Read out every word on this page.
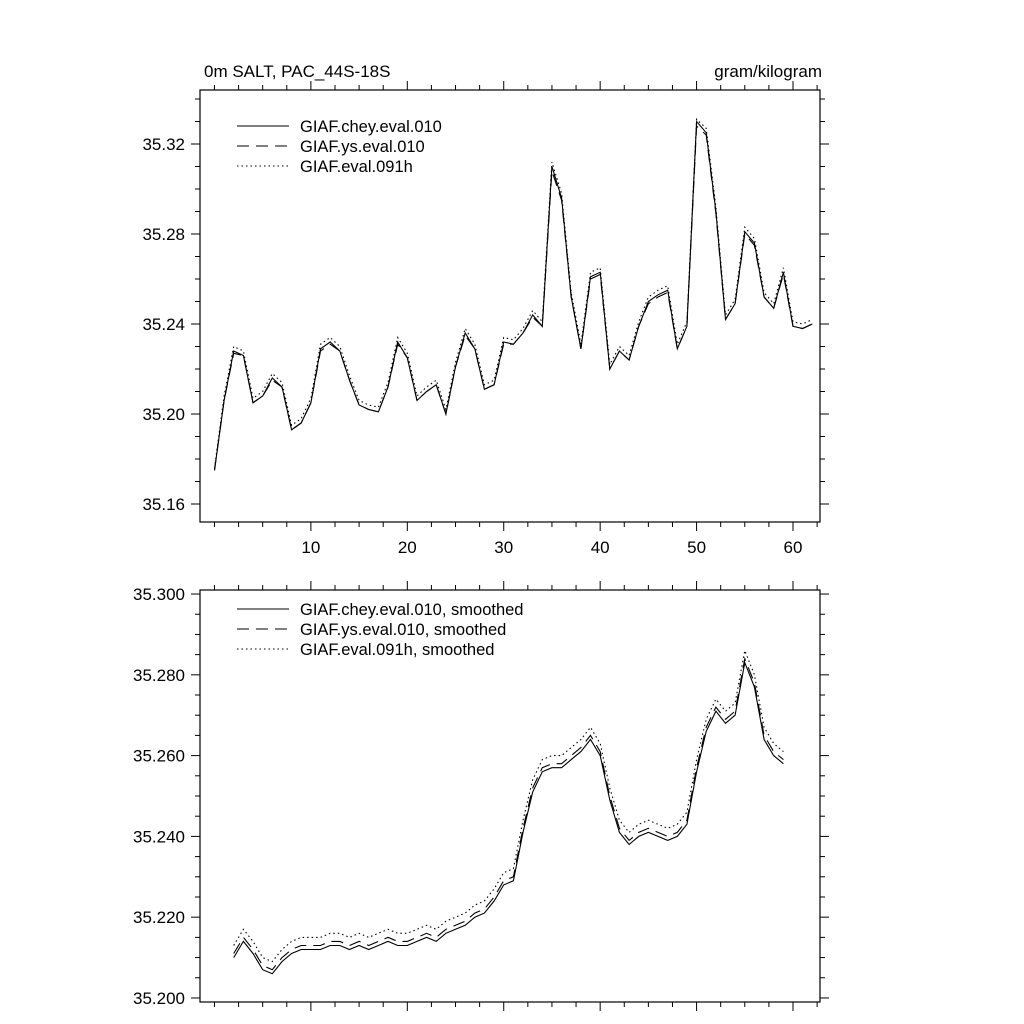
0m SALT, PAC_44S-18S	gram/kilogram
35.16
35.20
35.24
35.28
35.32
10	20	30	40	50	60
GIAF.chey.eval.010
GIAF.ys.eval.010
GIAF.eval.091h
35.200
35.220
35.240
35.260
35.280
35.300
GIAF.chey.eval.010, smoothed
GIAF.ys.eval.010, smoothed
GIAF.eval.091h, smoothed
